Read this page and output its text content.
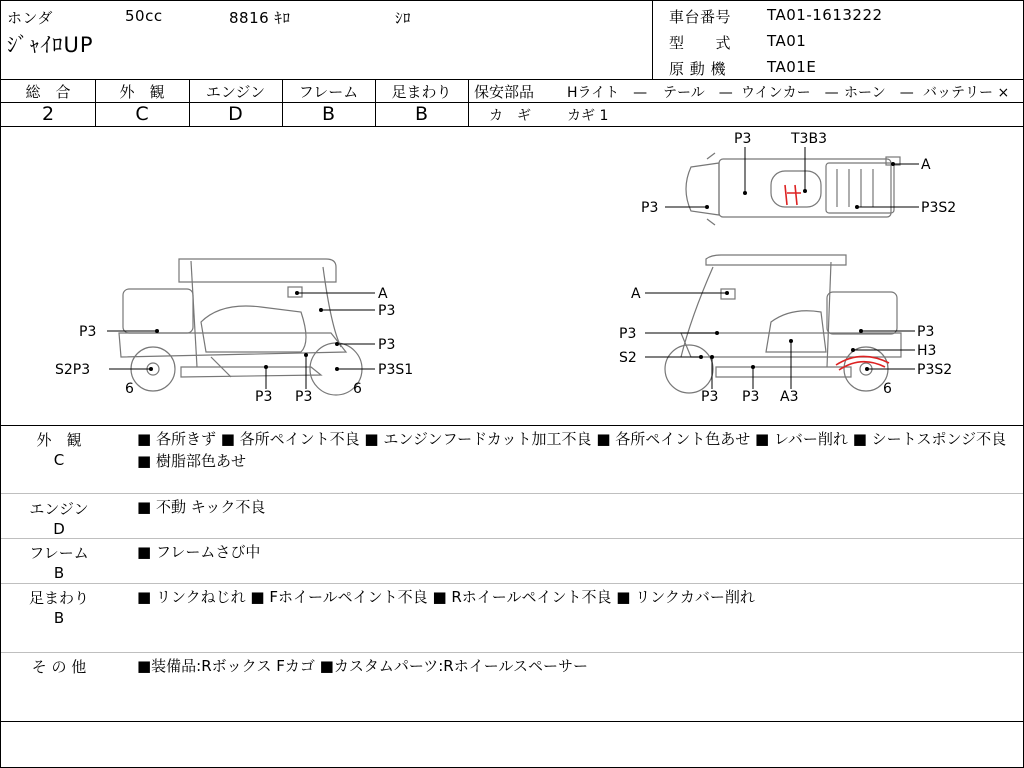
ホンダ	50cc	8816 ｷﾛ	ｼﾛ
ｼﾞｬｲﾛUP
車台番号 TA01-1613222
型　　式 TA01
原 動 機	TA01E
総　合	外　観	エンジン	フレーム	足まわり
2	C	D	B	B
保安部品 Hライト　— テール　— ウインカー　— ホーン　— バッテリー ×
カ　ギ	カギ 1
P3	T3B3
A
P3	P3S2
A
P3
P3
P3
S2P3	P3S1
6	6
P3 P3
A
P3
S2
P3
H3
P3S2
6
P3 P3 A3
外　観
C
■ 各所きず ■ 各所ペイント不良 ■ エンジンフードカット加工不良 ■ 各所ペイント色あせ ■ レバー削れ ■ シートスポンジ不良 ■ 樹脂部色あせ
エンジン
D
■ 不動 キック不良
フレーム
B
■ フレームさび中
足まわり
B
■ リンクねじれ ■ Fホイールペイント不良 ■ Rホイールペイント不良 ■ リンクカバー削れ
そ の 他	■装備品:Rボックス Fカゴ ■カスタムパーツ:Rホイールスペーサー
